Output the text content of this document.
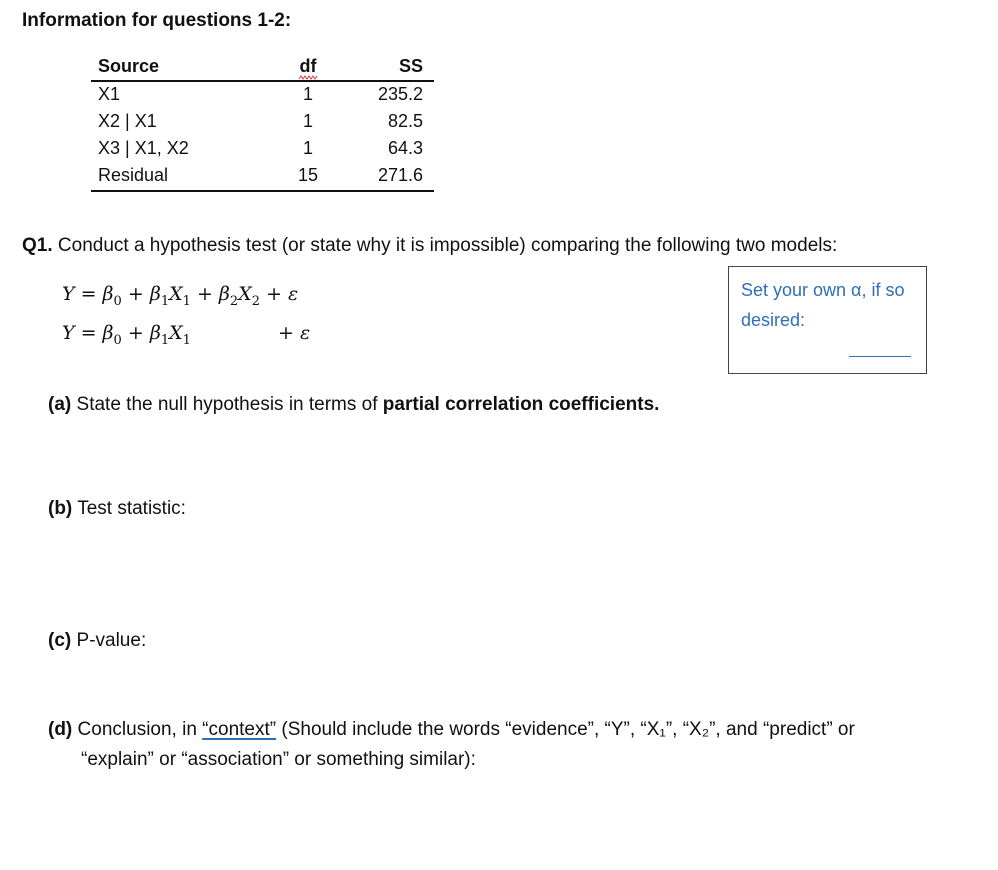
Information for questions 1-2:
Source	df	SS
X1	1	235.2
X2 | X1	1	82.5
X3 | X1, X2	1	64.3
Residual	15	271.6
Q1. Conduct a hypothesis test (or state why it is impossible) comparing the following two models:
$Y = \beta_0 + \beta_1X_1 + \beta_2X_2 + \varepsilon$
$Y = \beta_0 + \beta_1X_1$	+ ε
Set your own α, if so desired:
(a) State the null hypothesis in terms of partial correlation coefficients.
(b) Test statistic:
(c) P-value:
(d) Conclusion, in “context” (Should include the words “evidence”, “Y”, “X₁”, “X₂”, and “predict” or
“explain” or “association” or something similar):
